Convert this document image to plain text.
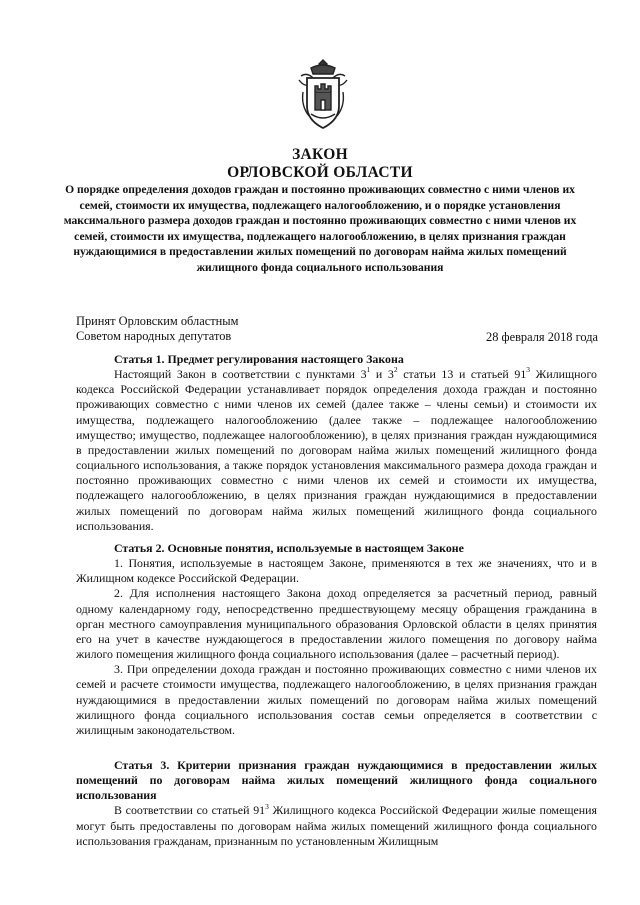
ЗАКОН
ОРЛОВСКОЙ ОБЛАСТИ
О порядке определения доходов граждан и постоянно проживающих совместно с ними членов их семей, стоимости их имущества, подлежащего налогообложению, и о порядке установления максимального размера доходов граждан и постоянно проживающих совместно с ними членов их семей, стоимости их имущества, подлежащего налогообложению, в целях признания граждан нуждающимися в предоставлении жилых помещений по договорам найма жилых помещений жилищного фонда социального использования
Принят Орловским областным
Советом народных депутатов	28 февраля 2018 года

Статья 1. Предмет регулирования настоящего Закона

Настоящий Закон в соответствии с пунктами $3^1$ и $3^2$ статьи 13 и статьей $91^3$ Жилищного кодекса Российской Федерации устанавливает порядок определения дохода граждан и постоянно проживающих совместно с ними членов их семей (далее также – члены семьи) и стоимости их имущества, подлежащего налогообложению (далее также – подлежащее налогообложению имущество; имущество, подлежащее налогообложению), в целях признания граждан нуждающимися в предоставлении жилых помещений по договорам найма жилых помещений жилищного фонда социального использования, а также порядок установления максимального размера дохода граждан и постоянно проживающих совместно с ними членов их семей и стоимости их имущества, подлежащего налогообложению, в целях признания граждан нуждающимися в предоставлении жилых помещений по договорам найма жилых помещений жилищного фонда социального использования.

Статья 2. Основные понятия, используемые в настоящем Законе

1. Понятия, используемые в настоящем Законе, применяются в тех же значениях, что и в Жилищном кодексе Российской Федерации.

2. Для исполнения настоящего Закона доход определяется за расчетный период, равный одному календарному году, непосредственно предшествующему месяцу обращения гражданина в орган местного самоуправления муниципального образования Орловской области в целях принятия его на учет в качестве нуждающегося в предоставлении жилого помещения по договору найма жилого помещения жилищного фонда социального использования (далее – расчетный период).

3. При определении дохода граждан и постоянно проживающих совместно с ними членов их семей и расчете стоимости имущества, подлежащего налогообложению, в целях признания граждан нуждающимися в предоставлении жилых помещений по договорам найма жилых помещений жилищного фонда социального использования состав семьи определяется в соответствии с жилищным законодательством.

Статья 3. Критерии признания граждан нуждающимися в предоставлении жилых помещений по договорам найма жилых помещений жилищного фонда социального использования

В соответствии со статьей $91^3$ Жилищного кодекса Российской Федерации жилые помещения могут быть предоставлены по договорам найма жилых помещений жилищного фонда социального использования гражданам, признанным по установленным Жилищным
